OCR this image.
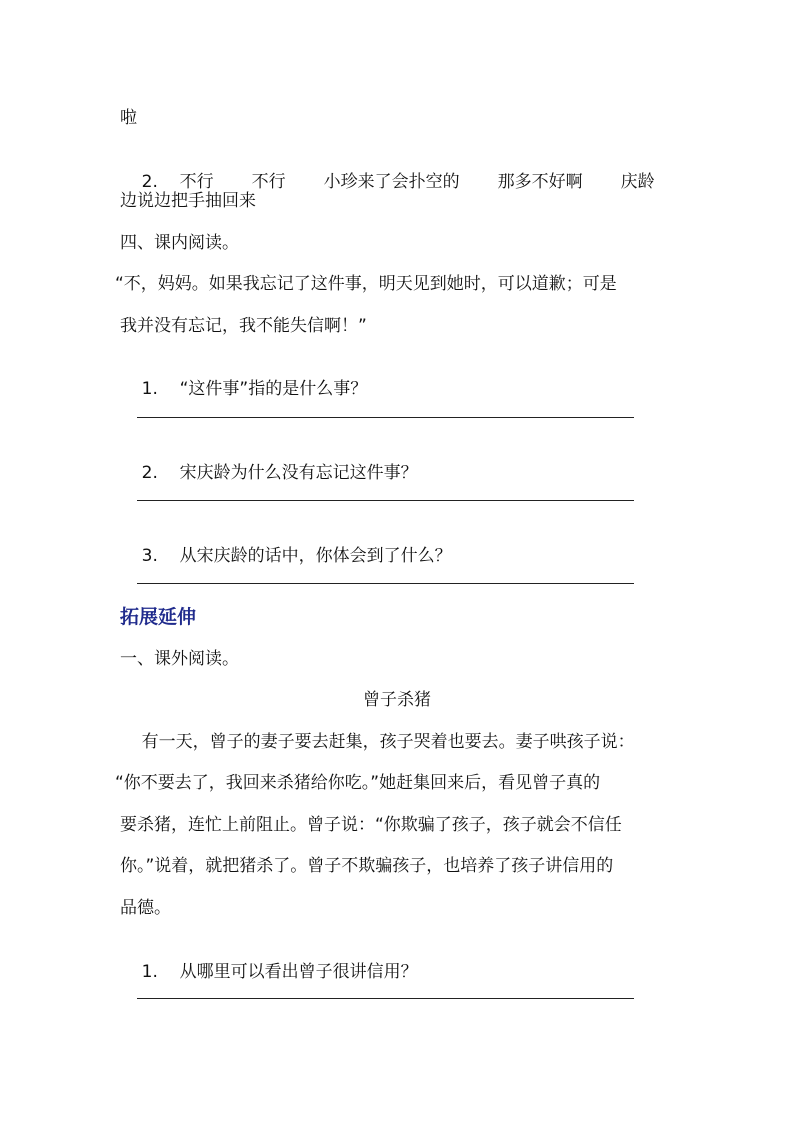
啦

2. 不行 不行 小珍来了会扑空的 那多不好啊 庆龄

边说边把手抽回来
四、课内阅读。
“不，妈妈。如果我忘记了这件事，明天见到她时，可以道歉；可是
我并没有忘记，我不能失信啊！”

1. “这件事”指的是什么事？

2. 宋庆龄为什么没有忘记这件事？

3. 从宋庆龄的话中，你体会到了什么？

拓展延伸
一、课外阅读。
曾子杀猪
有一天，曾子的妻子要去赶集，孩子哭着也要去。妻子哄孩子说：
“你不要去了，我回来杀猪给你吃。”她赶集回来后，看见曾子真的
要杀猪，连忙上前阻止。曾子说：“你欺骗了孩子，孩子就会不信任
你。”说着，就把猪杀了。曾子不欺骗孩子，也培养了孩子讲信用的
品德。

1. 从哪里可以看出曾子很讲信用？
